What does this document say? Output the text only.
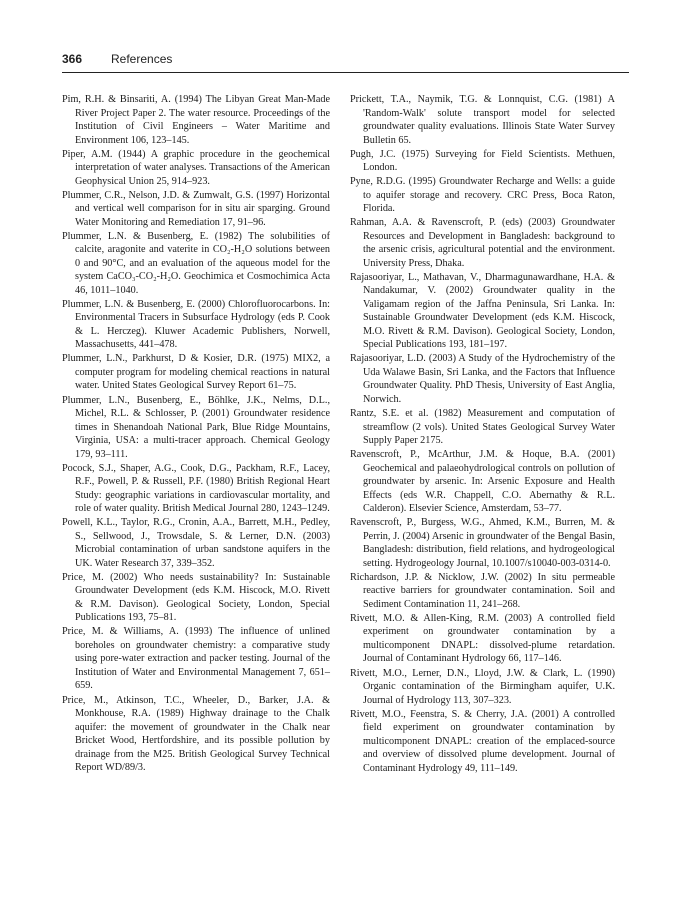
366 References

Pim, R.H. & Binsariti, A. (1994) The Libyan Great Man-Made River Project Paper 2. The water resource. Proceedings of the Institution of Civil Engineers – Water Maritime and Environment 106, 123–145.

Piper, A.M. (1944) A graphic procedure in the geochemical interpretation of water analyses. Transactions of the American Geophysical Union 25, 914–923.

Plummer, C.R., Nelson, J.D. & Zumwalt, G.S. (1997) Horizontal and vertical well comparison for in situ air sparging. Ground Water Monitoring and Remediation 17, 91–96.

Plummer, L.N. & Busenberg, E. (1982) The solubilities of calcite, aragonite and vaterite in CO₂-H₂O solutions between 0 and 90°C, and an evaluation of the aqueous model for the system CaCO₃-CO₂-H₂O. Geochimica et Cosmochimica Acta 46, 1011–1040.

Plummer, L.N. & Busenberg, E. (2000) Chlorofluorocarbons. In: Environmental Tracers in Subsurface Hydrology (eds P. Cook & L. Herczeg). Kluwer Academic Publishers, Norwell, Massachusetts, 441–478.

Plummer, L.N., Parkhurst, D & Kosier, D.R. (1975) MIX2, a computer program for modeling chemical reactions in natural water. United States Geological Survey Report 61–75.

Plummer, L.N., Busenberg, E., Böhlke, J.K., Nelms, D.L., Michel, R.L. & Schlosser, P. (2001) Groundwater residence times in Shenandoah National Park, Blue Ridge Mountains, Virginia, USA: a multi-tracer approach. Chemical Geology 179, 93–111.

Pocock, S.J., Shaper, A.G., Cook, D.G., Packham, R.F., Lacey, R.F., Powell, P. & Russell, P.F. (1980) British Regional Heart Study: geographic variations in cardiovascular mortality, and role of water quality. British Medical Journal 280, 1243–1249.

Powell, K.L., Taylor, R.G., Cronin, A.A., Barrett, M.H., Pedley, S., Sellwood, J., Trowsdale, S. & Lerner, D.N. (2003) Microbial contamination of urban sandstone aquifers in the UK. Water Research 37, 339–352.

Price, M. (2002) Who needs sustainability? In: Sustainable Groundwater Development (eds K.M. Hiscock, M.O. Rivett & R.M. Davison). Geological Society, London, Special Publications 193, 75–81.

Price, M. & Williams, A. (1993) The influence of unlined boreholes on groundwater chemistry: a comparative study using pore-water extraction and packer testing. Journal of the Institution of Water and Environmental Management 7, 651–659.

Price, M., Atkinson, T.C., Wheeler, D., Barker, J.A. & Monkhouse, R.A. (1989) Highway drainage to the Chalk aquifer: the movement of groundwater in the Chalk near Bricket Wood, Hertfordshire, and its possible pollution by drainage from the M25. British Geological Survey Technical Report WD/89/3.

Prickett, T.A., Naymik, T.G. & Lonnquist, C.G. (1981) A 'Random-Walk' solute transport model for selected groundwater quality evaluations. Illinois State Water Survey Bulletin 65.

Pugh, J.C. (1975) Surveying for Field Scientists. Methuen, London.

Pyne, R.D.G. (1995) Groundwater Recharge and Wells: a guide to aquifer storage and recovery. CRC Press, Boca Raton, Florida.

Rahman, A.A. & Ravenscroft, P. (eds) (2003) Groundwater Resources and Development in Bangladesh: background to the arsenic crisis, agricultural potential and the environment. University Press, Dhaka.

Rajasooriyar, L., Mathavan, V., Dharmagunawardhane, H.A. & Nandakumar, V. (2002) Groundwater quality in the Valigamam region of the Jaffna Peninsula, Sri Lanka. In: Sustainable Groundwater Development (eds K.M. Hiscock, M.O. Rivett & R.M. Davison). Geological Society, London, Special Publications 193, 181–197.

Rajasooriyar, L.D. (2003) A Study of the Hydrochemistry of the Uda Walawe Basin, Sri Lanka, and the Factors that Influence Groundwater Quality. PhD Thesis, University of East Anglia, Norwich.

Rantz, S.E. et al. (1982) Measurement and computation of streamflow (2 vols). United States Geological Survey Water Supply Paper 2175.

Ravenscroft, P., McArthur, J.M. & Hoque, B.A. (2001) Geochemical and palaeohydrological controls on pollution of groundwater by arsenic. In: Arsenic Exposure and Health Effects (eds W.R. Chappell, C.O. Abernathy & R.L. Calderon). Elsevier Science, Amsterdam, 53–77.

Ravenscroft, P., Burgess, W.G., Ahmed, K.M., Burren, M. & Perrin, J. (2004) Arsenic in groundwater of the Bengal Basin, Bangladesh: distribution, field relations, and hydrogeological setting. Hydrogeology Journal, 10.1007/s10040-003-0314-0.

Richardson, J.P. & Nicklow, J.W. (2002) In situ permeable reactive barriers for groundwater contamination. Soil and Sediment Contamination 11, 241–268.

Rivett, M.O. & Allen-King, R.M. (2003) A controlled field experiment on groundwater contamination by a multicomponent DNAPL: dissolved-plume retardation. Journal of Contaminant Hydrology 66, 117–146.

Rivett, M.O., Lerner, D.N., Lloyd, J.W. & Clark, L. (1990) Organic contamination of the Birmingham aquifer, U.K. Journal of Hydrology 113, 307–323.

Rivett, M.O., Feenstra, S. & Cherry, J.A. (2001) A controlled field experiment on groundwater contamination by multicomponent DNAPL: creation of the emplaced-source and overview of dissolved plume development. Journal of Contaminant Hydrology 49, 111–149.
